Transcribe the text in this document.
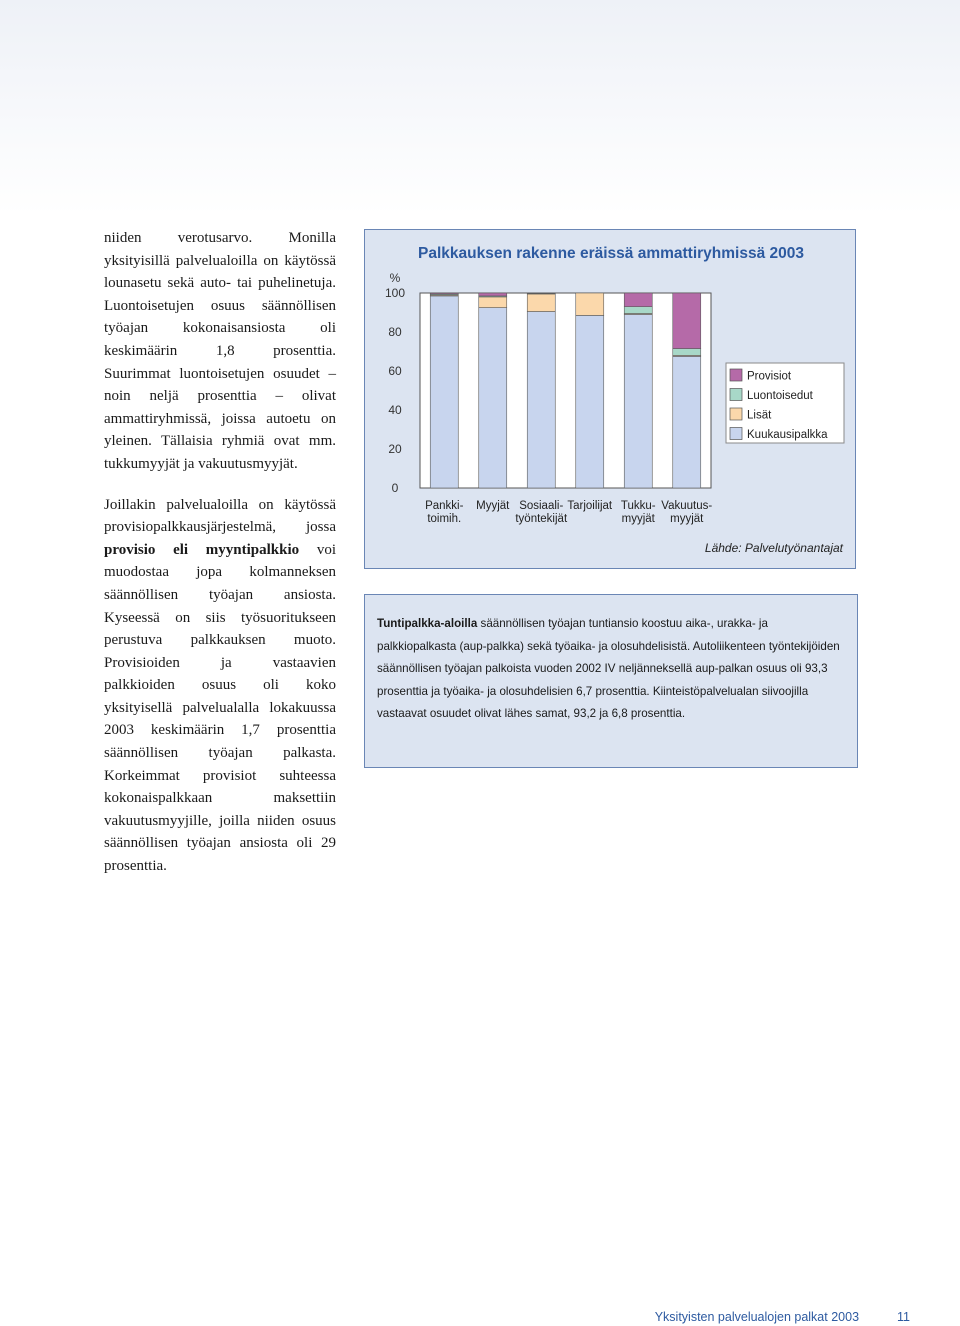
niiden verotusarvo. Monilla yksityisillä palvelualoilla on käytössä lounasetu sekä auto- tai puhelinetuja. Luontoisetujen osuus säännöllisen työajan kokonaisansiosta oli keskimäärin 1,8 prosenttia. Suurimmat luontoisetujen osuudet – noin neljä prosenttia – olivat ammattiryhmissä, joissa autoetu on yleinen. Tällaisia ryhmiä ovat mm. tukkumyyjät ja vakuutusmyyjät.

Joillakin palvelualoilla on käytössä provisiopalkkausjärjestelmä, jossa provisio eli myyntipalkkio voi muodostaa jopa kolmanneksen säännöllisen työajan ansiosta. Kyseessä on siis työsuoritukseen perustuva palkkauksen muoto. Provisioiden ja vastaavien palkkioiden osuus oli koko yksityisellä palvelualalla lokakuussa 2003 keskimäärin 1,7 prosenttia säännöllisen työajan palkasta. Korkeimmat provisiot suhteessa kokonaispalkkaan maksettiin vakuutusmyyjille, joilla niiden osuus säännöllisen työajan ansiosta oli 29 prosenttia.

Palkkauksen rakenne eräissä ammattiryhmissä 2003
%
0
20
40
60
80
100
Pankki-
toimih.
Myyjät Sosiaali-
työntekijät
Tarjoilijat Tukku-
myyjät
Vakuutus-
myyjät
Provisiot
Luontoisedut
Lisät
Kuukausipalkka
Lähde: Palvelutyönantajat

Tuntipalkka-aloilla säännöllisen työajan tuntiansio koostuu aika-, urakka- ja palkkiopalkasta (aup-palkka) sekä työaika- ja olosuhdelisistä. Autoliikenteen työntekijöiden säännöllisen työajan palkoista vuoden 2002 IV neljänneksellä aup-palkan osuus oli 93,3 prosenttia ja työaika- ja olosuhdelisien 6,7 prosenttia. Kiinteistöpalvelualan siivoojilla vastaavat osuudet olivat lähes samat, 93,2 ja 6,8 prosenttia.

Yksityisten palvelualojen palkat 2003	11
